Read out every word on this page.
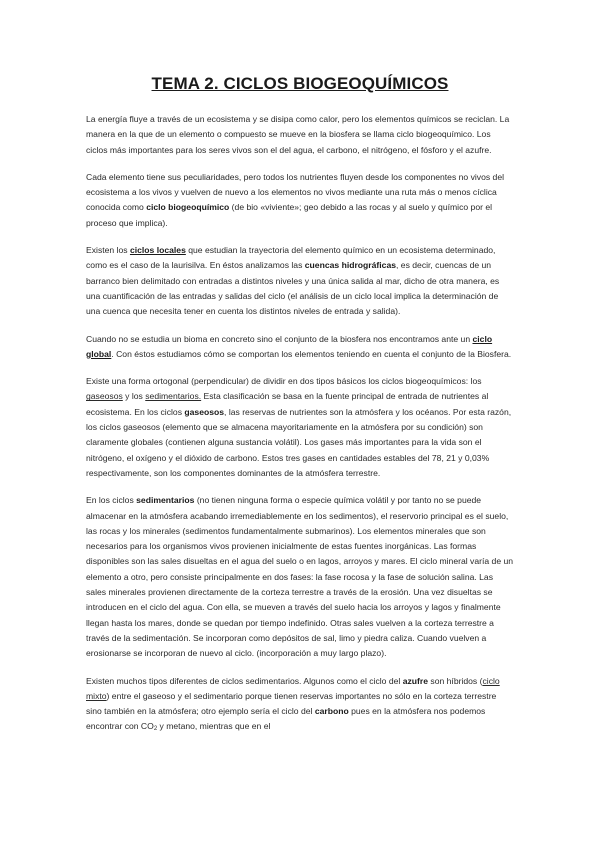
TEMA 2. CICLOS BIOGEOQUÍMICOS

La energía fluye a través de un ecosistema y se disipa como calor, pero los elementos químicos se reciclan. La manera en la que de un elemento o compuesto se mueve en la biosfera se llama ciclo biogeoquímico. Los ciclos más importantes para los seres vivos son el del agua, el carbono, el nitrógeno, el fósforo y el azufre.

Cada elemento tiene sus peculiaridades, pero todos los nutrientes fluyen desde los componentes no vivos del ecosistema a los vivos y vuelven de nuevo a los elementos no vivos mediante una ruta más o menos cíclica conocida como ciclo biogeoquímico (de bio «viviente»; geo debido a las rocas y al suelo y químico por el proceso que implica).

Existen los ciclos locales que estudian la trayectoria del elemento químico en un ecosistema determinado, como es el caso de la laurisilva. En éstos analizamos las cuencas hidrográficas, es decir, cuencas de un barranco bien delimitado con entradas a distintos niveles y una única salida al mar, dicho de otra manera, es una cuantificación de las entradas y salidas del ciclo (el análisis de un ciclo local implica la determinación de una cuenca que necesita tener en cuenta los distintos niveles de entrada y salida).

Cuando no se estudia un bioma en concreto sino el conjunto de la biosfera nos encontramos ante un ciclo global. Con éstos estudiamos cómo se comportan los elementos teniendo en cuenta el conjunto de la Biosfera.

Existe una forma ortogonal (perpendicular) de dividir en dos tipos básicos los ciclos biogeoquímicos: los gaseosos y los sedimentarios. Esta clasificación se basa en la fuente principal de entrada de nutrientes al ecosistema. En los ciclos gaseosos, las reservas de nutrientes son la atmósfera y los océanos. Por esta razón, los ciclos gaseosos (elemento que se almacena mayoritariamente en la atmósfera por su condición) son claramente globales (contienen alguna sustancia volátil). Los gases más importantes para la vida son el nitrógeno, el oxígeno y el dióxido de carbono. Estos tres gases en cantidades estables del 78, 21 y 0,03% respectivamente, son los componentes dominantes de la atmósfera terrestre.

En los ciclos sedimentarios (no tienen ninguna forma o especie química volátil y por tanto no se puede almacenar en la atmósfera acabando irremediablemente en los sedimentos), el reservorio principal es el suelo, las rocas y los minerales (sedimentos fundamentalmente submarinos). Los elementos minerales que son necesarios para los organismos vivos provienen inicialmente de estas fuentes inorgánicas. Las formas disponibles son las sales disueltas en el agua del suelo o en lagos, arroyos y mares. El ciclo mineral varía de un elemento a otro, pero consiste principalmente en dos fases: la fase rocosa y la fase de solución salina. Las sales minerales provienen directamente de la corteza terrestre a través de la erosión. Una vez disueltas se introducen en el ciclo del agua. Con ella, se mueven a través del suelo hacia los arroyos y lagos y finalmente llegan hasta los mares, donde se quedan por tiempo indefinido. Otras sales vuelven a la corteza terrestre a través de la sedimentación. Se incorporan como depósitos de sal, limo y piedra caliza. Cuando vuelven a erosionarse se incorporan de nuevo al ciclo. (incorporación a muy largo plazo).

Existen muchos tipos diferentes de ciclos sedimentarios. Algunos como el ciclo del azufre son híbridos (ciclo mixto) entre el gaseoso y el sedimentario porque tienen reservas importantes no sólo en la corteza terrestre sino también en la atmósfera; otro ejemplo sería el ciclo del carbono pues en la atmósfera nos podemos encontrar con $CO_2$ y metano, mientras que en el
